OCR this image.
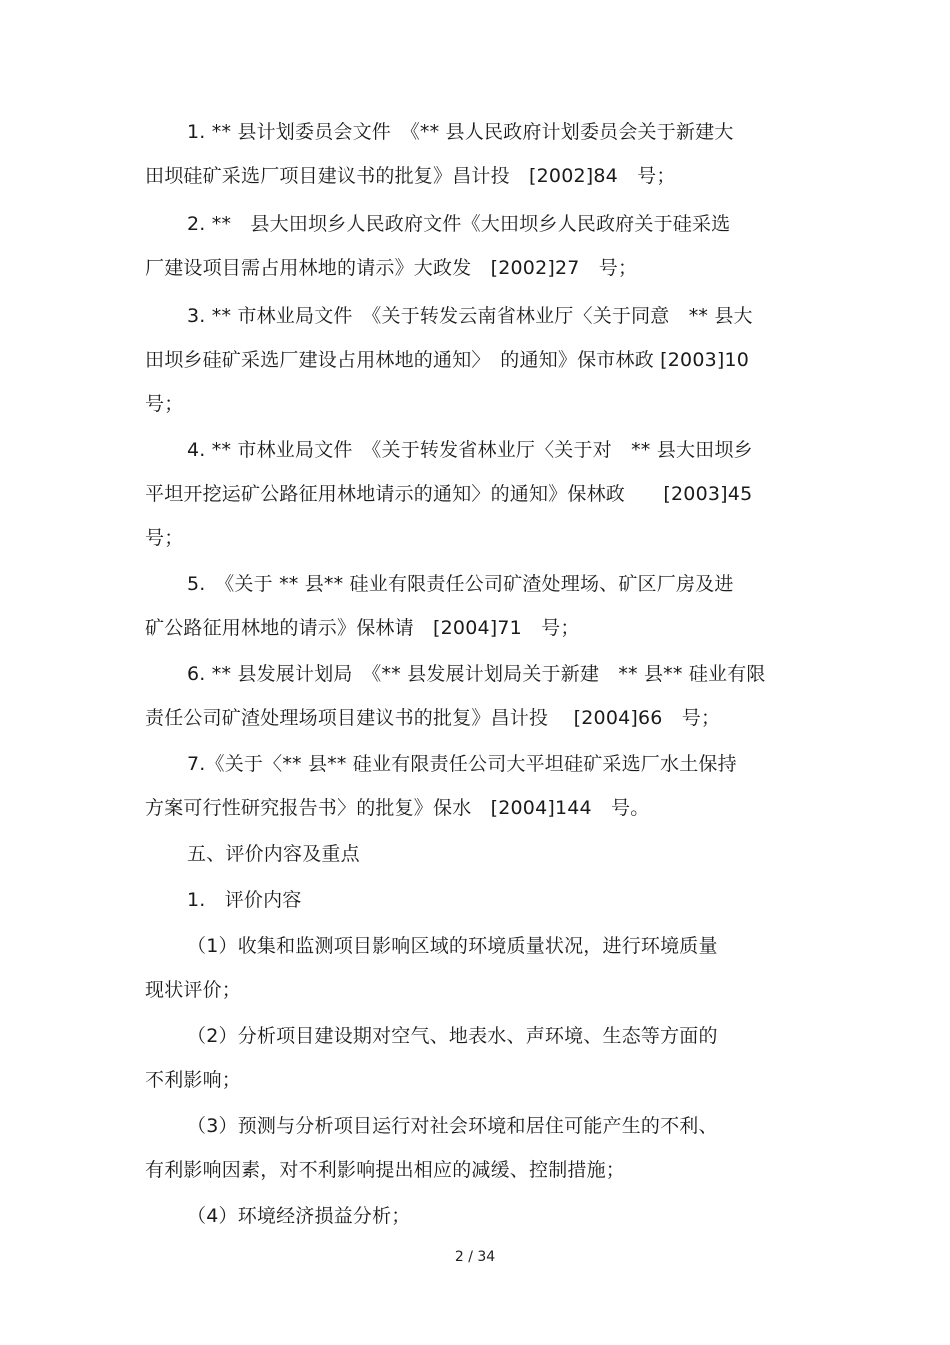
1. ** 县计划委员会文件　《** 县人民政府计划委员会关于新建大
田坝硅矿采选厂项目建议书的批复》昌计投　[2002]84　号；
2. **　县大田坝乡人民政府文件《大田坝乡人民政府关于硅采选
厂建设项目需占用林地的请示》大政发　[2002]27　号；
3. ** 市林业局文件　《关于转发云南省林业厅〈关于同意　** 县大
田坝乡硅矿采选厂建设占用林地的通知〉　的通知》保市林政 [2003]10
号；
4. ** 市林业局文件　《关于转发省林业厅〈关于对　** 县大田坝乡
平坦开挖运矿公路征用林地请示的通知〉的通知》保林政　　[2003]45
号；
5.　《关于 ** 县** 硅业有限责任公司矿渣处理场、矿区厂房及进
矿公路征用林地的请示》保林请　[2004]71　号；
6. ** 县发展计划局　《** 县发展计划局关于新建　** 县** 硅业有限
责任公司矿渣处理场项目建议书的批复》昌计投　 [2004]66　号；
7.《关于〈** 县** 硅业有限责任公司大平坦硅矿采选厂水土保持
方案可行性研究报告书〉的批复》保水　[2004]144　号。
五、评价内容及重点
1.　评价内容
（1）收集和监测项目影响区域的环境质量状况，进行环境质量
现状评价；
（2）分析项目建设期对空气、地表水、声环境、生态等方面的
不利影响；
（3）预测与分析项目运行对社会环境和居住可能产生的不利、
有利影响因素，对不利影响提出相应的减缓、控制措施；
（4）环境经济损益分析；
2 / 34
